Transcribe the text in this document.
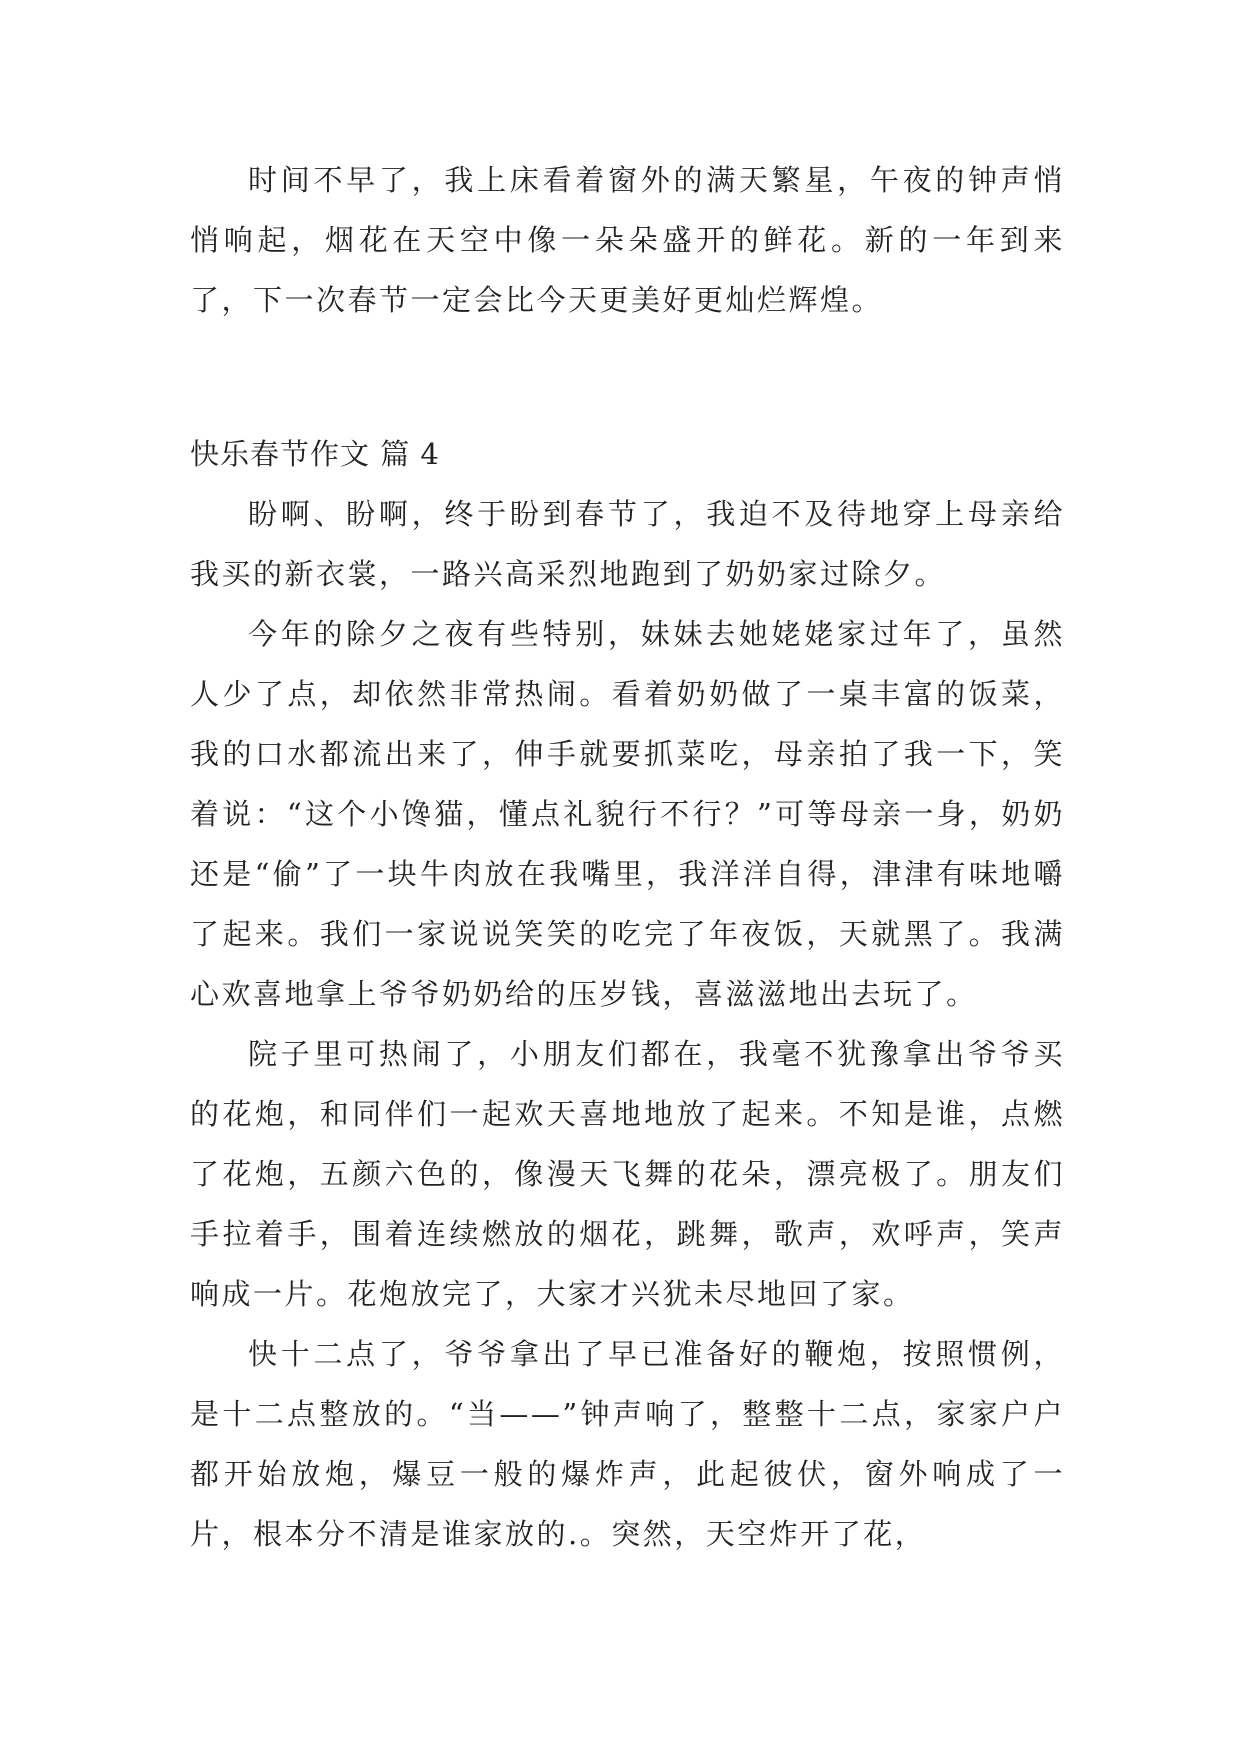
时间不早了，我上床看着窗外的满天繁星，午夜的钟声悄悄响起，烟花在天空中像一朵朵盛开的鲜花。新的一年到来了，下一次春节一定会比今天更美好更灿烂辉煌。

快乐春节作文 篇 4

盼啊、盼啊，终于盼到春节了，我迫不及待地穿上母亲给我买的新衣裳，一路兴高采烈地跑到了奶奶家过除夕。

今年的除夕之夜有些特别，妹妹去她姥姥家过年了，虽然人少了点，却依然非常热闹。看着奶奶做了一桌丰富的饭菜，我的口水都流出来了，伸手就要抓菜吃，母亲拍了我一下，笑着说：“这个小馋猫，懂点礼貌行不行？”可等母亲一身，奶奶还是“偷”了一块牛肉放在我嘴里，我洋洋自得，津津有味地嚼了起来。我们一家说说笑笑的吃完了年夜饭，天就黑了。我满心欢喜地拿上爷爷奶奶给的压岁钱，喜滋滋地出去玩了。

院子里可热闹了，小朋友们都在，我毫不犹豫拿出爷爷买的花炮，和同伴们一起欢天喜地地放了起来。不知是谁，点燃了花炮，五颜六色的，像漫天飞舞的花朵，漂亮极了。朋友们手拉着手，围着连续燃放的烟花，跳舞，歌声，欢呼声，笑声响成一片。花炮放完了，大家才兴犹未尽地回了家。

快十二点了，爷爷拿出了早已准备好的鞭炮，按照惯例，是十二点整放的。“当——”钟声响了，整整十二点，家家户户都开始放炮，爆豆一般的爆炸声，此起彼伏，窗外响成了一片，根本分不清是谁家放的.。突然，天空炸开了花，
